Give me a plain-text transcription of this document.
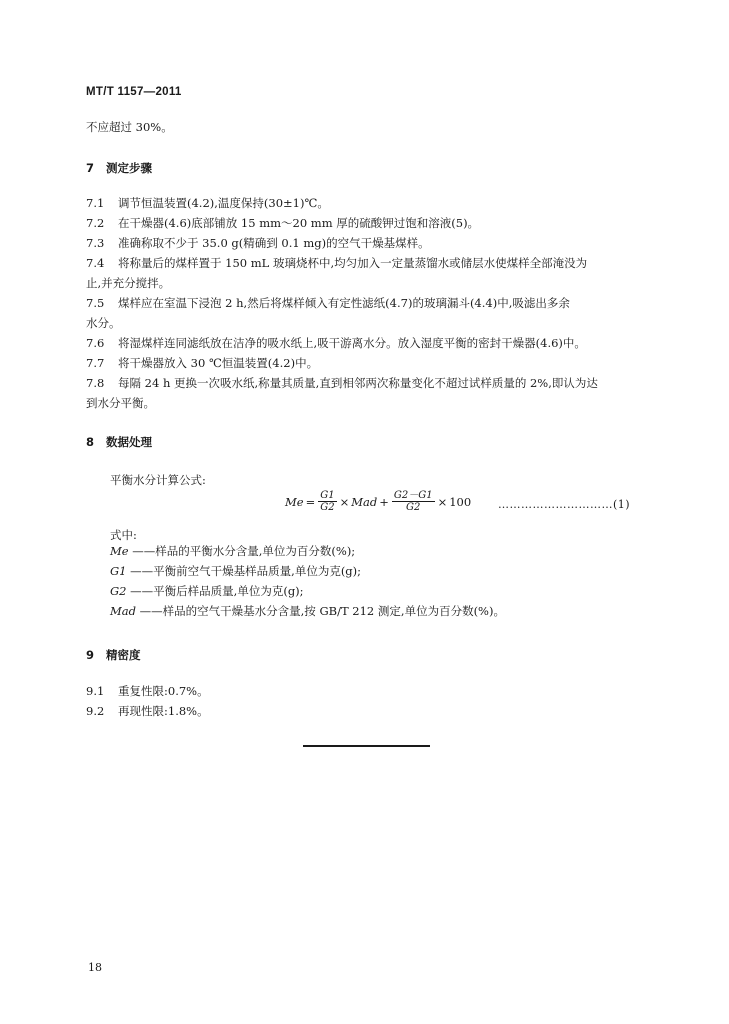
MT/T 1157—2011
不应超过 30%。
7 测定步骤
7.1 调节恒温装置(4.2),温度保持(30±1)℃。
7.2 在干燥器(4.6)底部铺放 15 mm～20 mm 厚的硫酸钾过饱和溶液(5)。
7.3 准确称取不少于 35.0 g(精确到 0.1 mg)的空气干燥基煤样。
7.4 将称量后的煤样置于 150 mL 玻璃烧杯中,均匀加入一定量蒸馏水或储层水使煤样全部淹没为
止,并充分搅拌。
7.5 煤样应在室温下浸泡 2 h,然后将煤样倾入有定性滤纸(4.7)的玻璃漏斗(4.4)中,吸滤出多余
水分。
7.6 将湿煤样连同滤纸放在洁净的吸水纸上,吸干游离水分。放入湿度平衡的密封干燥器(4.6)中。
7.7 将干燥器放入 30 ℃恒温装置(4.2)中。
7.8 每隔 24 h 更换一次吸水纸,称量其质量,直到相邻两次称量变化不超过试样质量的 2%,即认为达
到水分平衡。
8 数据处理
平衡水分计算公式:
$Me = \frac{G1}{G2}$ × Mad + $\frac{G2-G1}{G2} \times 100$ …………………………(1)
式中:
Me ——样品的平衡水分含量,单位为百分数(%);
G1 ——平衡前空气干燥基样品质量,单位为克(g);
G2 ——平衡后样品质量,单位为克(g);
Mad ——样品的空气干燥基水分含量,按 GB/T 212 测定,单位为百分数(%)。
9 精密度
9.1 重复性限:0.7%。
9.2 再现性限:1.8%。
18
